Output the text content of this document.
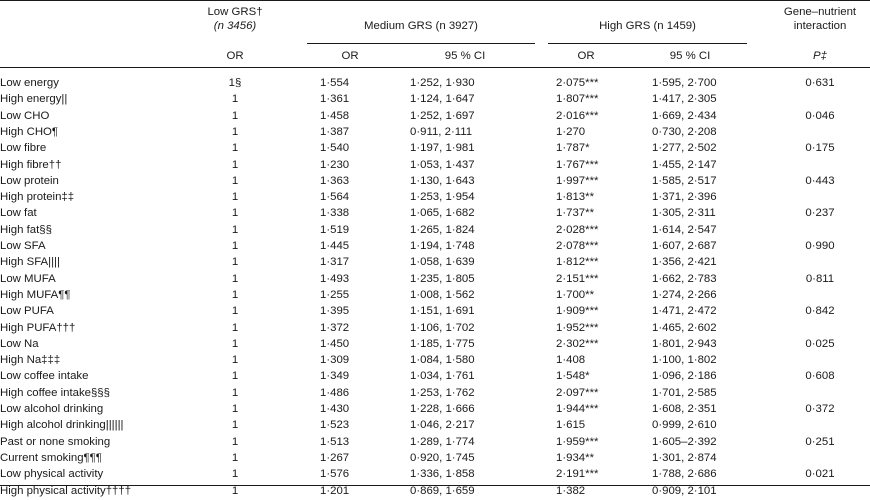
Low GRS†
(n 3456)	Medium GRS (n 3927)	High GRS (n 1459)
Gene–nutrient
interaction
OR	OR	95 % CI	OR	95 % CI	P‡
Low energy	1§	1·554	1·252, 1·930	2·075***	1·595, 2·700	0·631
High energy||	1	1·361	1·124, 1·647	1·807***	1·417, 2·305
Low CHO	1	1·458	1·252, 1·697	2·016***	1·669, 2·434	0·046
High CHO¶	1	1·387	0·911, 2·111	1·270	0·730, 2·208
Low fibre	1	1·540	1·197, 1·981	1·787*	1·277, 2·502	0·175
High fibre††	1	1·230	1·053, 1·437	1·767***	1·455, 2·147
Low protein	1	1·363	1·130, 1·643	1·997***	1·585, 2·517	0·443
High protein‡‡	1	1·564	1·253, 1·954	1·813**	1·371, 2·396
Low fat	1	1·338	1·065, 1·682	1·737**	1·305, 2·311	0·237
High fat§§	1	1·519	1·265, 1·824	2·028***	1·614, 2·547
Low SFA	1	1·445	1·194, 1·748	2·078***	1·607, 2·687	0·990
High SFA||||	1	1·317	1·058, 1·639	1·812***	1·356, 2·421
Low MUFA	1	1·493	1·235, 1·805	2·151***	1·662, 2·783	0·811
High MUFA¶¶	1	1·255	1·008, 1·562	1·700**	1·274, 2·266
Low PUFA	1	1·395	1·151, 1·691	1·909***	1·471, 2·472	0·842
High PUFA†††	1	1·372	1·106, 1·702	1·952***	1·465, 2·602
Low Na	1	1·450	1·185, 1·775	2·302***	1·801, 2·943	0·025
High Na‡‡‡	1	1·309	1·084, 1·580	1·408	1·100, 1·802
Low coffee intake	1	1·349	1·034, 1·761	1·548*	1·096, 2·186	0·608
High coffee intake§§§	1	1·486	1·253, 1·762	2·097***	1·701, 2·585
Low alcohol drinking	1	1·430	1·228, 1·666	1·944***	1·608, 2·351	0·372
High alcohol drinking||||||	1	1·523	1·046, 2·217	1·615	0·999, 2·610
Past or none smoking	1	1·513	1·289, 1·774	1·959***	1·605–2·392	0·251
Current smoking¶¶¶	1	1·267	0·920, 1·745	1·934**	1·301, 2·874
Low physical activity	1	1·576	1·336, 1·858	2·191***	1·788, 2·686	0·021
High physical activity††††	1	1·201	0·869, 1·659	1·382	0·909, 2·101
